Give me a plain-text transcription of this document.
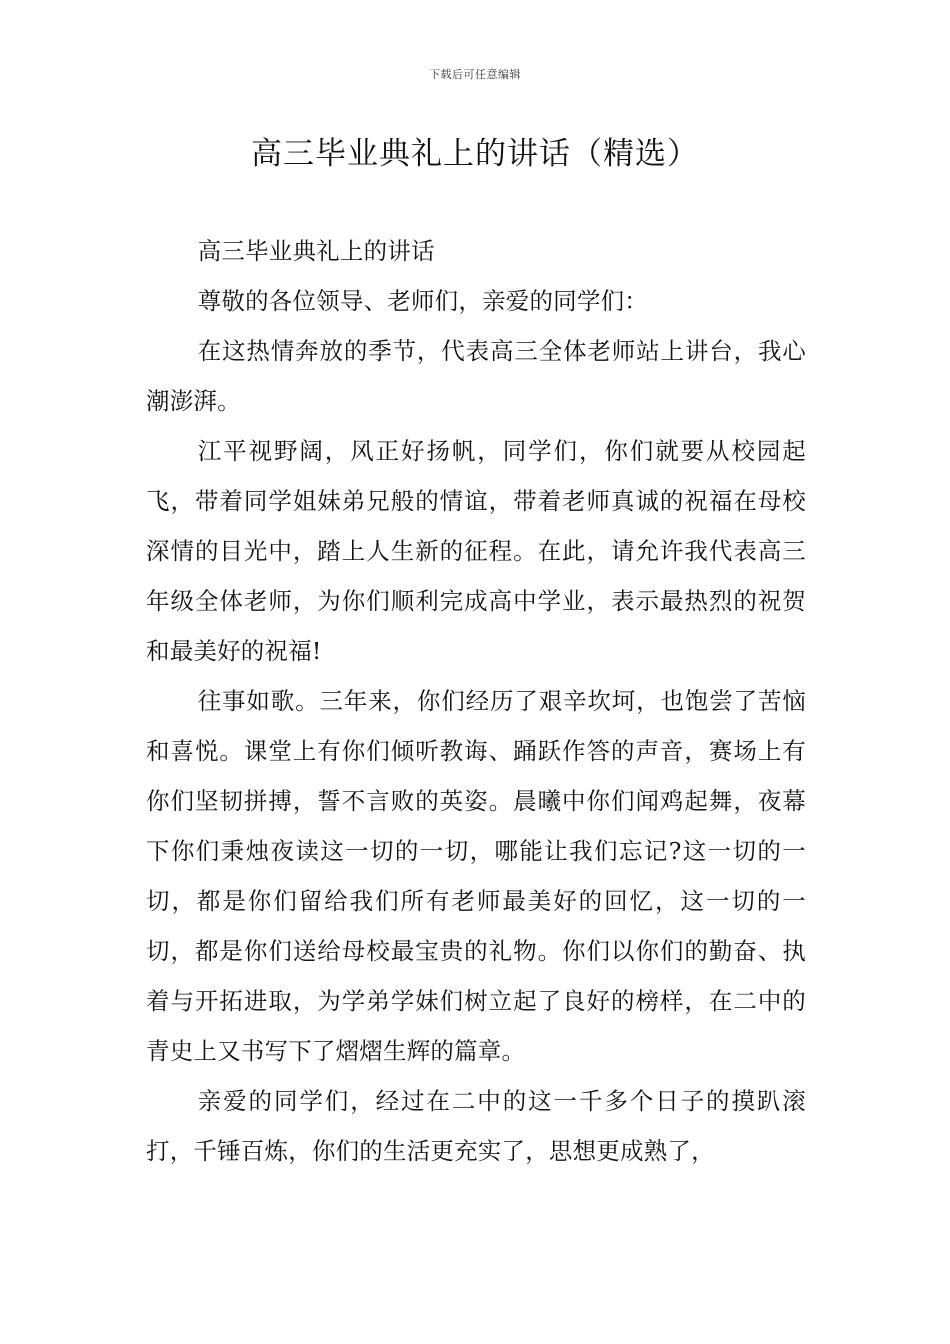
下载后可任意编辑
高三毕业典礼上的讲话（精选）

高三毕业典礼上的讲话

尊敬的各位领导、老师们，亲爱的同学们：

在这热情奔放的季节，代表高三全体老师站上讲台，我心潮澎湃。

江平视野阔，风正好扬帆，同学们，你们就要从校园起飞，带着同学姐妹弟兄般的情谊，带着老师真诚的祝福在母校深情的目光中，踏上人生新的征程。在此，请允许我代表高三年级全体老师，为你们顺利完成高中学业，表示最热烈的祝贺和最美好的祝福!

往事如歌。三年来，你们经历了艰辛坎坷，也饱尝了苦恼和喜悦。课堂上有你们倾听教诲、踊跃作答的声音，赛场上有你们坚韧拼搏，誓不言败的英姿。晨曦中你们闻鸡起舞，夜幕下你们秉烛夜读这一切的一切，哪能让我们忘记?这一切的一切，都是你们留给我们所有老师最美好的回忆，这一切的一切，都是你们送给母校最宝贵的礼物。你们以你们的勤奋、执着与开拓进取，为学弟学妹们树立起了良好的榜样，在二中的青史上又书写下了熠熠生辉的篇章。

亲爱的同学们，经过在二中的这一千多个日子的摸趴滚打，千锤百炼，你们的生活更充实了，思想更成熟了，
